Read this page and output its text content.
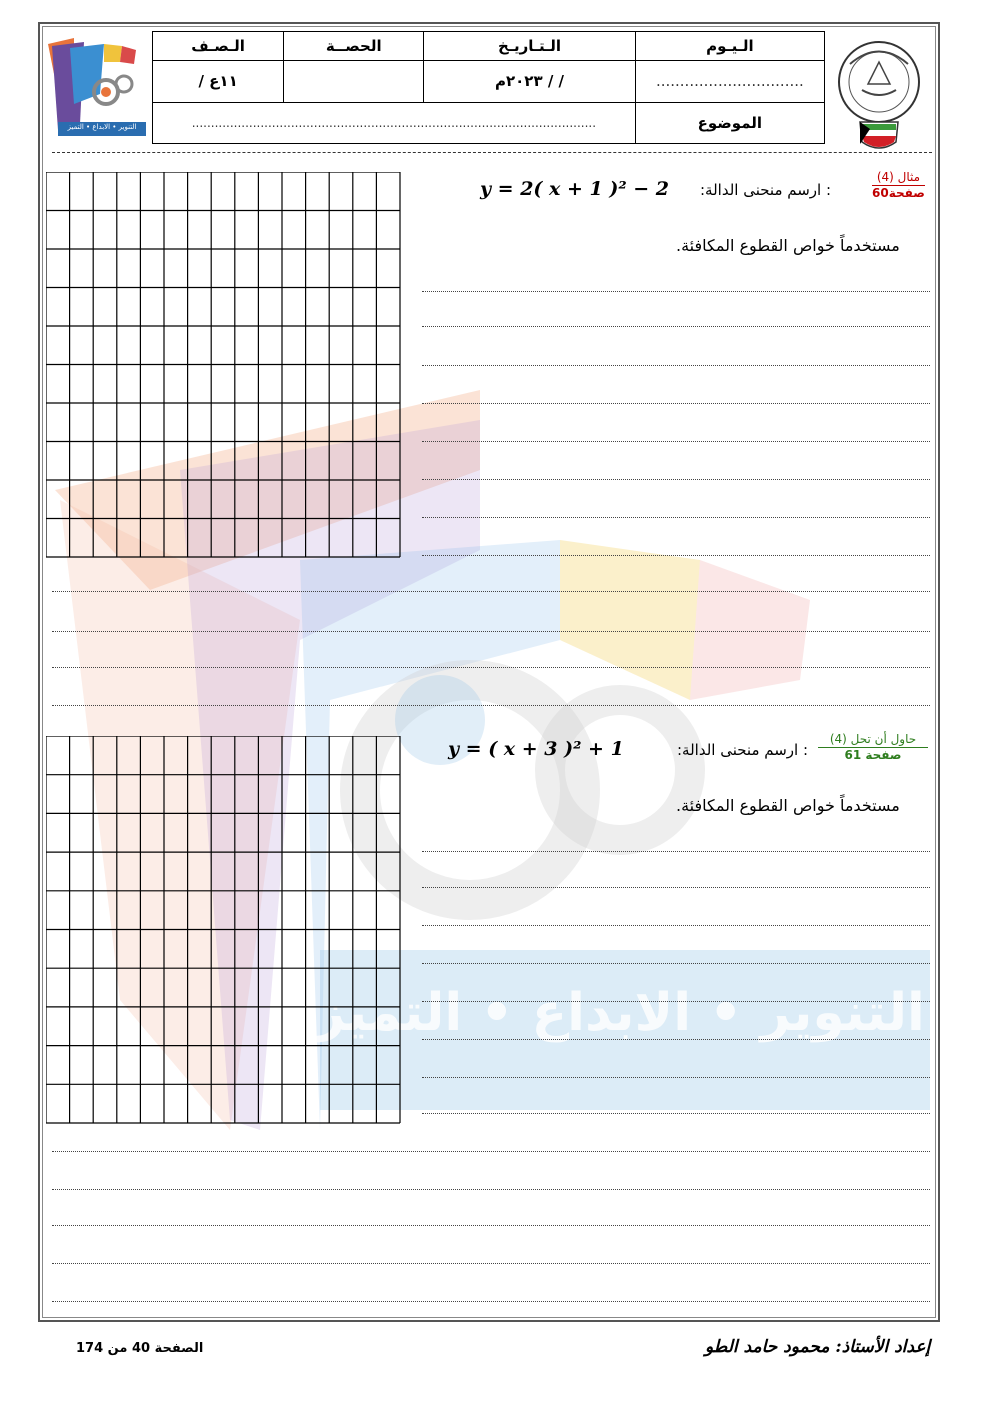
التنوير • الابداع • التميز
التنوير • الابداع • التميز
الـيـوم	الـتـاريـخ	الحصــة	الـصـف
...............................	/ / ٢٠٢٣م		١١ع /
الموضوع	..........................................................................................................		
مثال (4)
صفحة60
: ارسم منحنى الدالة:
y = 2( x + 1 )² − 2
مستخدماً خواص القطوع المكافئة.
حاول أن تحل (4)
صفحة 61
: ارسم منحنى الدالة:
y = ( x + 3 )² + 1
مستخدماً خواص القطوع المكافئة.
الصفحة 40 من 174	إعداد الأستاذ: محمود حامد الطو
